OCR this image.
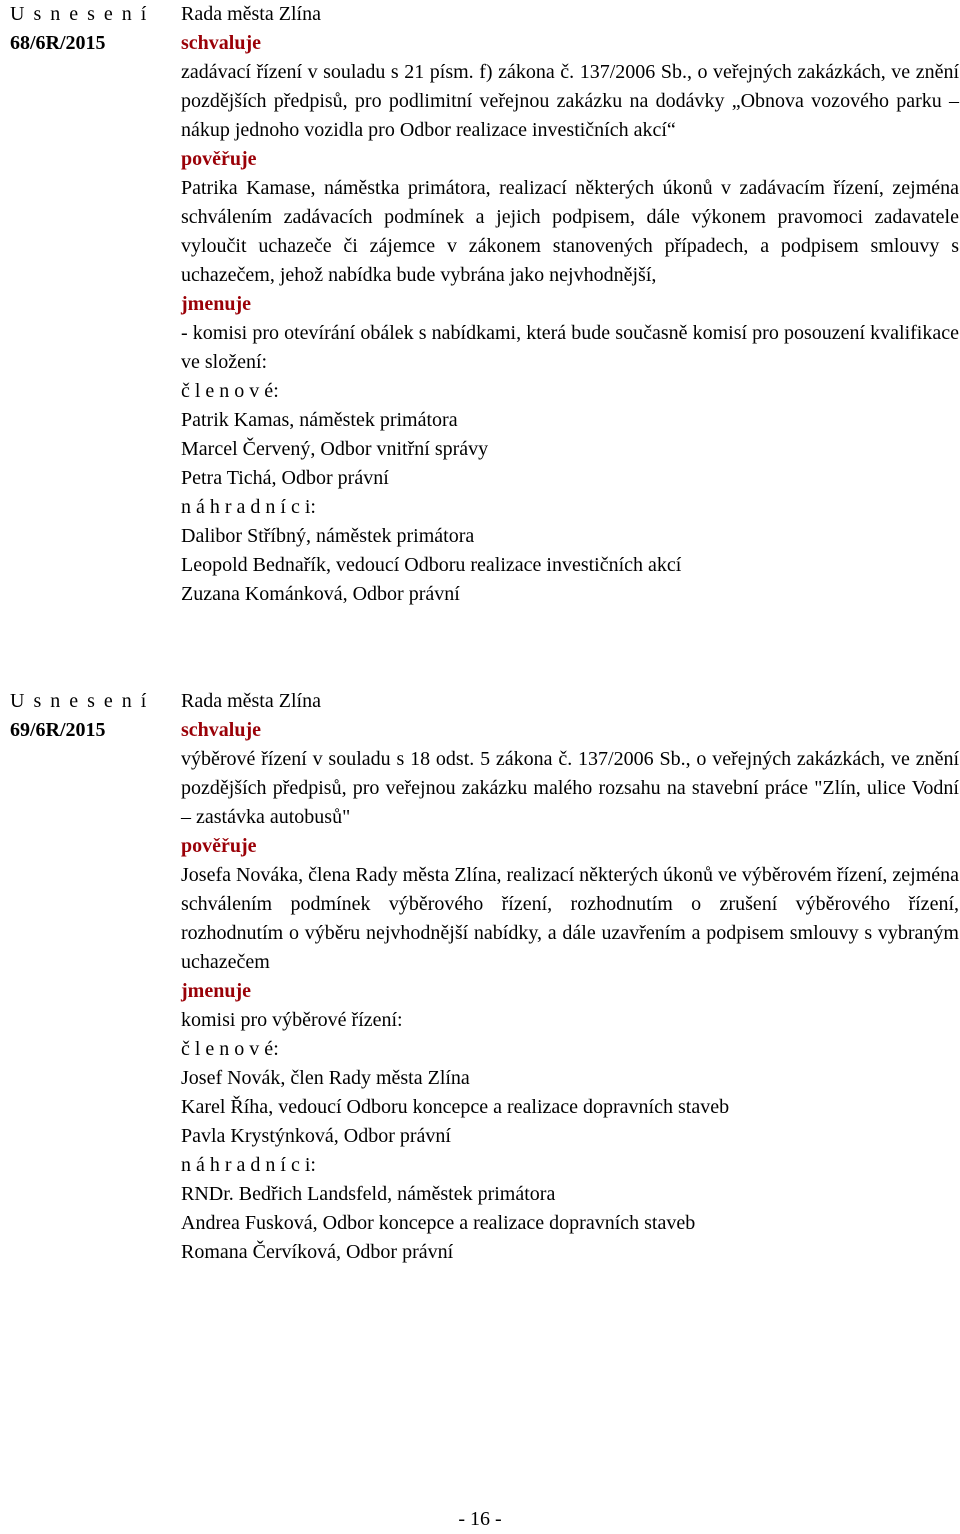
U s n e s e n í
68/6R/2015

Rada města Zlína

schvaluje

zadávací řízení v souladu s 21 písm. f) zákona č. 137/2006 Sb., o veřejných zakázkách, ve znění pozdějších předpisů, pro podlimitní veřejnou zakázku na dodávky „Obnova vozového parku – nákup jednoho vozidla pro Odbor realizace investičních akcí“

pověřuje

Patrika Kamase, náměstka primátora, realizací některých úkonů v zadávacím řízení, zejména schválením zadávacích podmínek a jejich podpisem, dále výkonem pravomoci zadavatele vyloučit uchazeče či zájemce v zákonem stanovených případech, a podpisem smlouvy s uchazečem, jehož nabídka bude vybrána jako nejvhodnější,

jmenuje

- komisi pro otevírání obálek s nabídkami, která bude současně komisí pro posouzení kvalifikace ve složení:

č l e n o v é:

Patrik Kamas, náměstek primátora

Marcel Červený, Odbor vnitřní správy

Petra Tichá, Odbor právní

n á h r a d n í c i:

Dalibor Stříbný, náměstek primátora

Leopold Bednařík, vedoucí Odboru realizace investičních akcí

Zuzana Kománková, Odbor právní

U s n e s e n í
69/6R/2015

Rada města Zlína

schvaluje

výběrové řízení v souladu s 18 odst. 5 zákona č. 137/2006 Sb., o veřejných zakázkách, ve znění pozdějších předpisů, pro veřejnou zakázku malého rozsahu na stavební práce "Zlín, ulice Vodní – zastávka autobusů"

pověřuje

Josefa Nováka, člena Rady města Zlína, realizací některých úkonů ve výběrovém řízení, zejména schválením podmínek výběrového řízení, rozhodnutím o zrušení výběrového řízení, rozhodnutím o výběru nejvhodnější nabídky, a dále uzavřením a podpisem smlouvy s vybraným uchazečem

jmenuje

komisi pro výběrové řízení:

č l e n o v é:

Josef Novák, člen Rady města Zlína

Karel Říha, vedoucí Odboru koncepce a realizace dopravních staveb

Pavla Krystýnková, Odbor právní

n á h r a d n í c i:

RNDr. Bedřich Landsfeld, náměstek primátora

Andrea Fusková, Odbor koncepce a realizace dopravních staveb

Romana Červíková, Odbor právní

- 16 -
